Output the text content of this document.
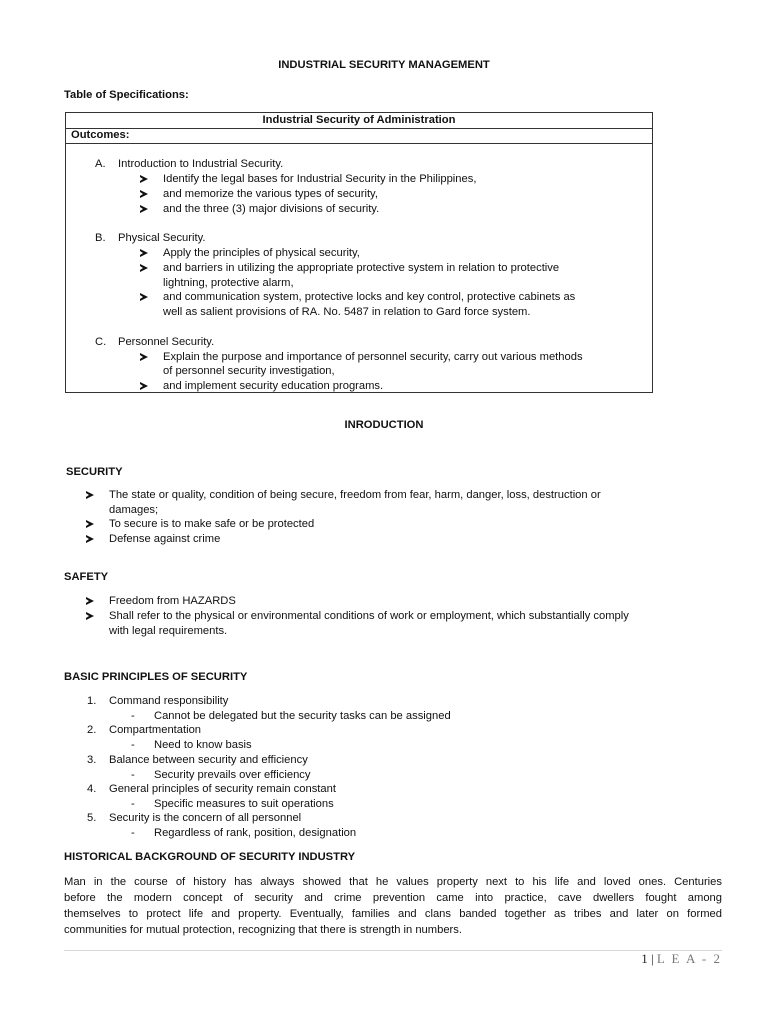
INDUSTRIAL SECURITY MANAGEMENT
Table of Specifications:
Industrial Security of Administration
Outcomes:
A. Introduction to Industrial Security.
Identify the legal bases for Industrial Security in the Philippines,
and memorize the various types of security,
and the three (3) major divisions of security.
B. Physical Security.
Apply the principles of physical security,
and barriers in utilizing the appropriate protective system in relation to protective
lightning, protective alarm,
and communication system, protective locks and key control, protective cabinets as
well as salient provisions of RA. No. 5487 in relation to Gard force system.
C. Personnel Security.
Explain the purpose and importance of personnel security, carry out various methods
of personnel security investigation,
and implement security education programs.
INRODUCTION
SECURITY
The state or quality, condition of being secure, freedom from fear, harm, danger, loss, destruction or
damages;
To secure is to make safe or be protected
Defense against crime
SAFETY
Freedom from HAZARDS
Shall refer to the physical or environmental conditions of work or employment, which substantially comply
with legal requirements.
BASIC PRINCIPLES OF SECURITY
1. Command responsibility
- Cannot be delegated but the security tasks can be assigned
2. Compartmentation
- Need to know basis
3. Balance between security and efficiency
- Security prevails over efficiency
4. General principles of security remain constant
- Specific measures to suit operations
5. Security is the concern of all personnel
- Regardless of rank, position, designation
HISTORICAL BACKGROUND OF SECURITY INDUSTRY
Man in the course of history has always showed that he values property next to his life and loved ones. Centuries
before the modern concept of security and crime prevention came into practice, cave dwellers fought among
themselves to protect life and property. Eventually, families and clans banded together as tribes and later on formed
communities for mutual protection, recognizing that there is strength in numbers.
1 | L E A - 2
